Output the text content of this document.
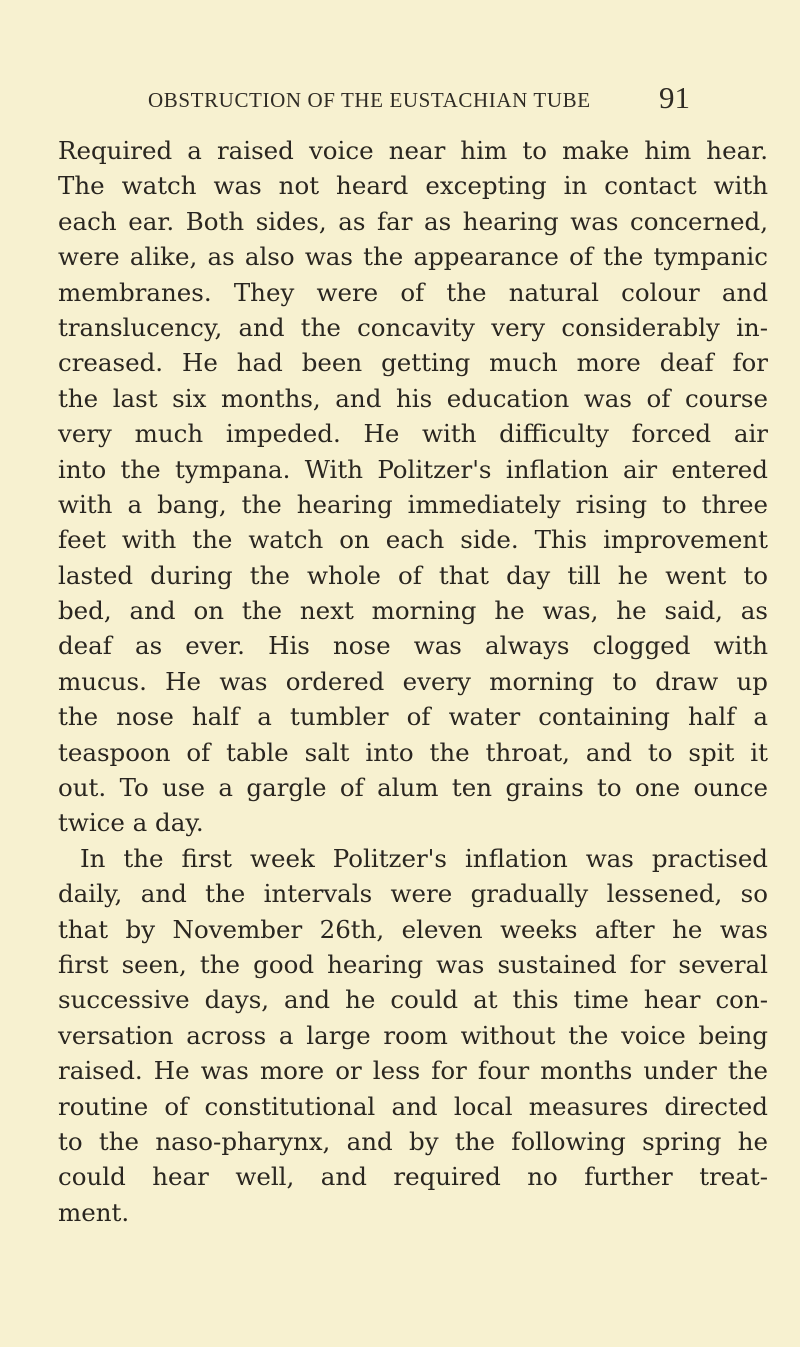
OBSTRUCTION OF THE EUSTACHIAN TUBE	91
Required a raised voice near him to make him hear.
The watch was not heard excepting in contact with
each ear. Both sides, as far as hearing was concerned,
were alike, as also was the appearance of the tympanic
membranes. They were of the natural colour and
translucency, and the concavity very considerably in-
creased. He had been getting much more deaf for
the last six months, and his education was of course
very much impeded. He with difficulty forced air
into the tympana. With Politzer's inflation air entered
with a bang, the hearing immediately rising to three
feet with the watch on each side. This improvement
lasted during the whole of that day till he went to
bed, and on the next morning he was, he said, as
deaf as ever. His nose was always clogged with
mucus. He was ordered every morning to draw up
the nose half a tumbler of water containing half a
teaspoon of table salt into the throat, and to spit it
out. To use a gargle of alum ten grains to one ounce
twice a day.
In the first week Politzer's inflation was practised
daily, and the intervals were gradually lessened, so
that by November 26th, eleven weeks after he was
first seen, the good hearing was sustained for several
successive days, and he could at this time hear con-
versation across a large room without the voice being
raised. He was more or less for four months under the
routine of constitutional and local measures directed
to the naso-pharynx, and by the following spring he
could hear well, and required no further treat-
ment.
